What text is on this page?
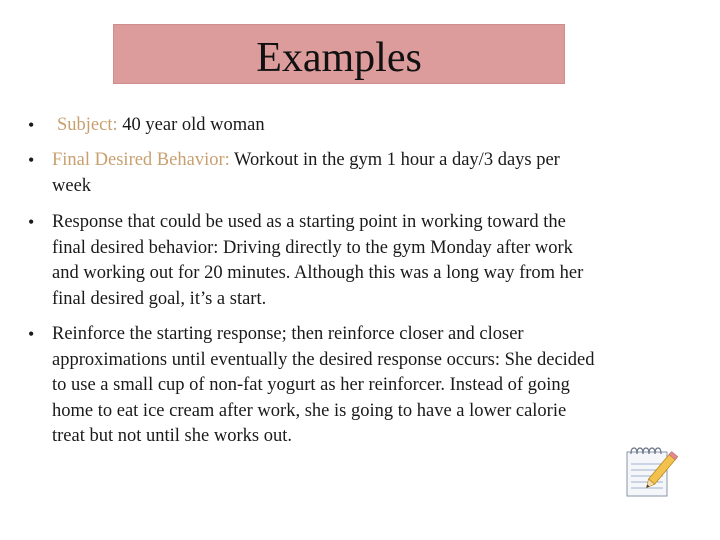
Examples
• Subject: 40 year old woman
• Final Desired Behavior: Workout in the gym 1 hour a day/3 days per week
• Response that could be used as a starting point in working toward the final desired behavior: Driving directly to the gym Monday after work and working out for 20 minutes. Although this was a long way from her final desired goal, it’s a start.
• Reinforce the starting response; then reinforce closer and closer approximations until eventually the desired response occurs: She decided to use a small cup of non-fat yogurt as her reinforcer. Instead of going home to eat ice cream after work, she is going to have a lower calorie treat but not until she works out.
